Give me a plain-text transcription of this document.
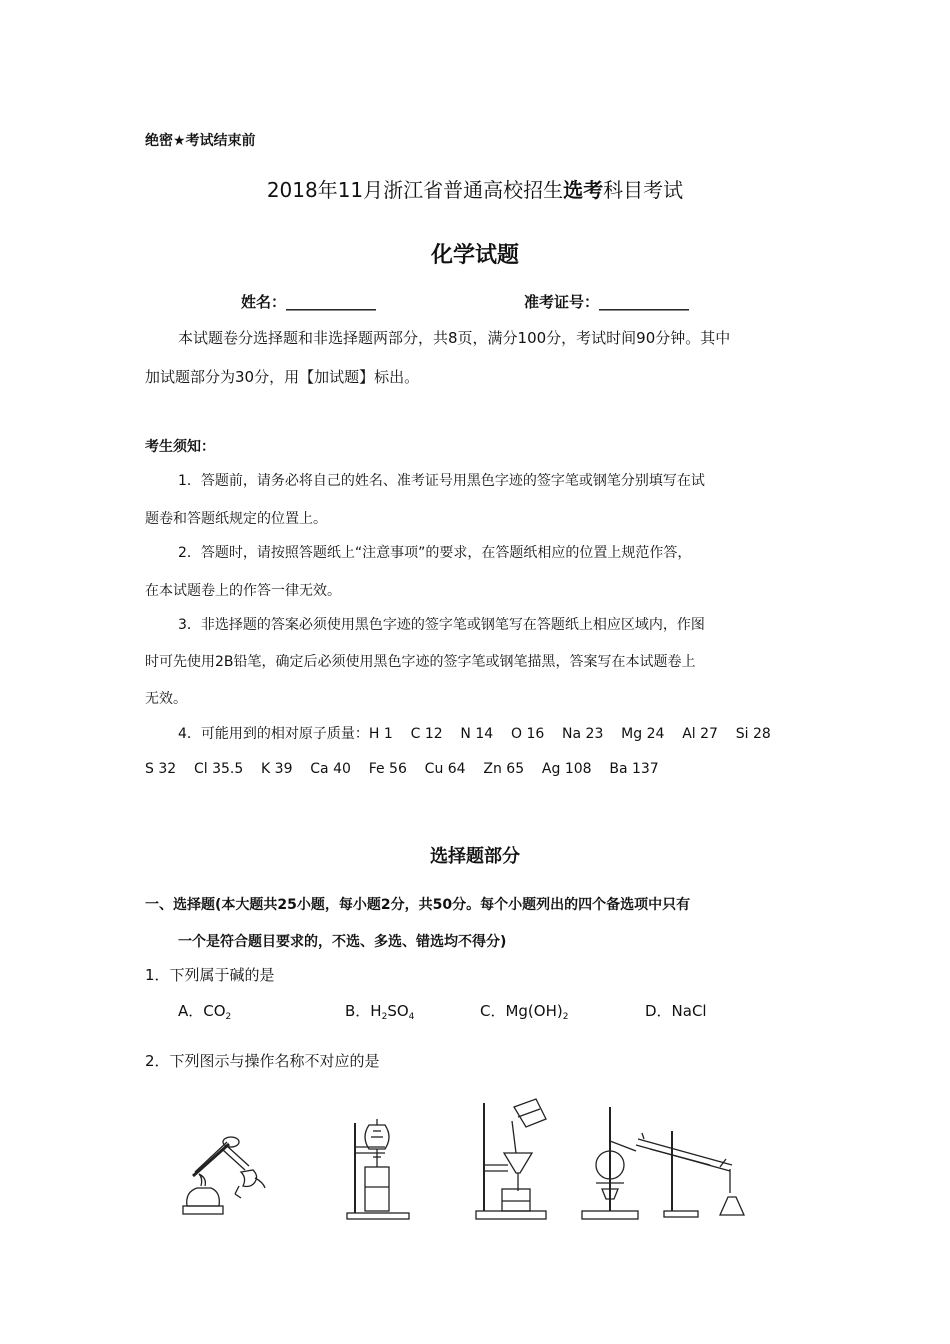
绝密★考试结束前
2018年11月浙江省普通高校招生选考科目考试
化学试题
姓名：____________	准考证号：____________
本试题卷分选择题和非选择题两部分，共8页，满分100分，考试时间90分钟。其中
加试题部分为30分，用【加试题】标出。
考生须知：
1．答题前，请务必将自己的姓名、准考证号用黑色字迹的签字笔或钢笔分别填写在试
题卷和答题纸规定的位置上。
2．答题时，请按照答题纸上“注意事项”的要求，在答题纸相应的位置上规范作答，
在本试题卷上的作答一律无效。
3．非选择题的答案必须使用黑色字迹的签字笔或钢笔写在答题纸上相应区域内，作图
时可先使用2B铅笔，确定后必须使用黑色字迹的签字笔或钢笔描黑，答案写在本试题卷上
无效。
4．可能用到的相对原子质量：H 1    C 12    N 14    O 16    Na 23    Mg 24    Al 27    Si 28
S 32    Cl 35.5    K 39    Ca 40    Fe 56    Cu 64    Zn 65    Ag 108    Ba 137
选择题部分
一、选择题(本大题共25小题，每小题2分，共50分。每个小题列出的四个备选项中只有
一个是符合题目要求的，不选、多选、错选均不得分)
1．下列属于碱的是
A．$CO_2$	B．$H_2SO_4$	C．$Mg(OH)_2$	D．NaCl
2．下列图示与操作名称不对应的是
